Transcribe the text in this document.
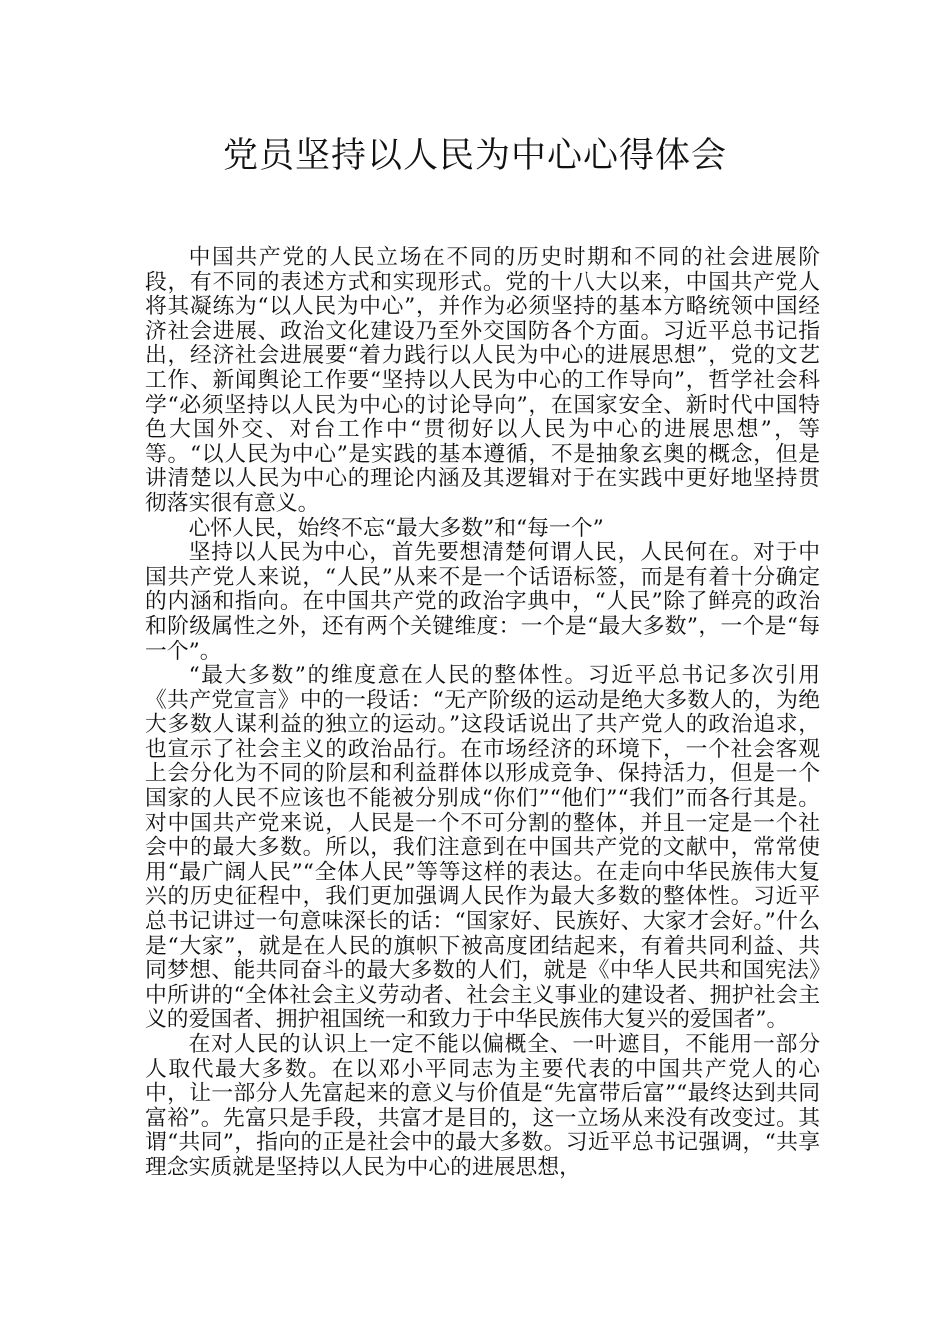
党员坚持以人民为中心心得体会

中国共产党的人民立场在不同的历史时期和不同的社会进展阶段，有不同的表述方式和实现形式。党的十八大以来，中国共产党人将其凝练为“以人民为中心”，并作为必须坚持的基本方略统领中国经济社会进展、政治文化建设乃至外交国防各个方面。习近平总书记指出，经济社会进展要“着力践行以人民为中心的进展思想”，党的文艺工作、新闻舆论工作要“坚持以人民为中心的工作导向”，哲学社会科学“必须坚持以人民为中心的讨论导向”，在国家安全、新时代中国特色大国外交、对台工作中“贯彻好以人民为中心的进展思想”，等等。“以人民为中心”是实践的基本遵循，不是抽象玄奥的概念，但是讲清楚以人民为中心的理论内涵及其逻辑对于在实践中更好地坚持贯彻落实很有意义。

心怀人民，始终不忘“最大多数”和“每一个”

坚持以人民为中心，首先要想清楚何谓人民，人民何在。对于中国共产党人来说，“人民”从来不是一个话语标签，而是有着十分确定的内涵和指向。在中国共产党的政治字典中，“人民”除了鲜亮的政治和阶级属性之外，还有两个关键维度：一个是“最大多数”，一个是“每一个”。

“最大多数”的维度意在人民的整体性。习近平总书记多次引用《共产党宣言》中的一段话：“无产阶级的运动是绝大多数人的，为绝大多数人谋利益的独立的运动。”这段话说出了共产党人的政治追求，也宣示了社会主义的政治品行。在市场经济的环境下，一个社会客观上会分化为不同的阶层和利益群体以形成竞争、保持活力，但是一个国家的人民不应该也不能被分别成“你们”“他们”“我们”而各行其是。对中国共产党来说，人民是一个不可分割的整体，并且一定是一个社会中的最大多数。所以，我们注意到在中国共产党的文献中，常常使用“最广阔人民”“全体人民”等等这样的表达。在走向中华民族伟大复兴的历史征程中，我们更加强调人民作为最大多数的整体性。习近平总书记讲过一句意味深长的话：“国家好、民族好、大家才会好。”什么是“大家”，就是在人民的旗帜下被高度团结起来，有着共同利益、共同梦想、能共同奋斗的最大多数的人们，就是《中华人民共和国宪法》中所讲的“全体社会主义劳动者、社会主义事业的建设者、拥护社会主义的爱国者、拥护祖国统一和致力于中华民族伟大复兴的爱国者”。

在对人民的认识上一定不能以偏概全、一叶遮目，不能用一部分人取代最大多数。在以邓小平同志为主要代表的中国共产党人的心中，让一部分人先富起来的意义与价值是“先富带后富”“最终达到共同富裕”。先富只是手段，共富才是目的，这一立场从来没有改变过。其谓“共同”，指向的正是社会中的最大多数。习近平总书记强调，“共享理念实质就是坚持以人民为中心的进展思想，
